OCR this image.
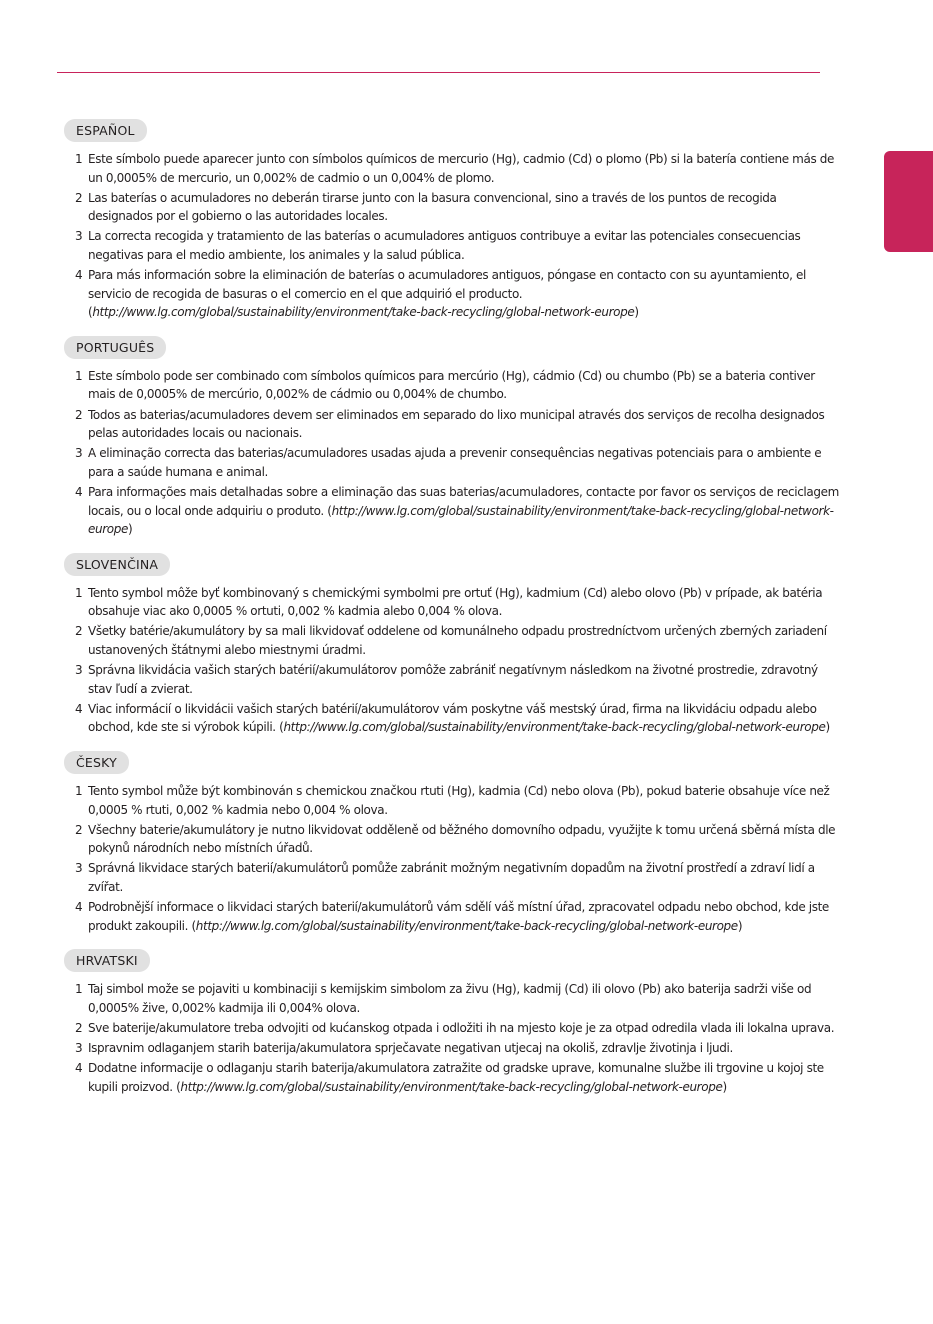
ESPAÑOL
1 Este símbolo puede aparecer junto con símbolos químicos de mercurio (Hg), cadmio (Cd) o plomo (Pb) si la batería contiene más de un 0,0005% de mercurio, un 0,002% de cadmio o un 0,004% de plomo.
2 Las baterías o acumuladores no deberán tirarse junto con la basura convencional, sino a través de los puntos de recogida designados por el gobierno o las autoridades locales.
3 La correcta recogida y tratamiento de las baterías o acumuladores antiguos contribuye a evitar las potenciales consecuencias negativas para el medio ambiente, los animales y la salud pública.
4 Para más información sobre la eliminación de baterías o acumuladores antiguos, póngase en contacto con su ayuntamiento, el servicio de recogida de basuras o el comercio en el que adquirió el producto. (http://www.lg.com/global/sustainability/environment/take-back-recycling/global-network-europe)
PORTUGUÊS
1 Este símbolo pode ser combinado com símbolos químicos para mercúrio (Hg), cádmio (Cd) ou chumbo (Pb) se a bateria contiver mais de 0,0005% de mercúrio, 0,002% de cádmio ou 0,004% de chumbo.
2 Todos as baterias/acumuladores devem ser eliminados em separado do lixo municipal através dos serviços de recolha designados pelas autoridades locais ou nacionais.
3 A eliminação correcta das baterias/acumuladores usadas ajuda a prevenir consequências negativas potenciais para o ambiente e para a saúde humana e animal.
4 Para informações mais detalhadas sobre a eliminação das suas baterias/acumuladores, contacte por favor os serviços de reciclagem locais, ou o local onde adquiriu o produto. (http://www.lg.com/global/sustainability/environment/take-back-recycling/global-network-europe)
SLOVENČINA
1 Tento symbol môže byť kombinovaný s chemickými symbolmi pre ortuť (Hg), kadmium (Cd) alebo olovo (Pb) v prípade, ak batéria obsahuje viac ako 0,0005 % ortuti, 0,002 % kadmia alebo 0,004 % olova.
2 Všetky batérie/akumulátory by sa mali likvidovať oddelene od komunálneho odpadu prostredníctvom určených zberných zariadení ustanovených štátnymi alebo miestnymi úradmi.
3 Správna likvidácia vašich starých batérií/akumulátorov pomôže zabrániť negatívnym následkom na životné prostredie, zdravotný stav ľudí a zvierat.
4 Viac informácií o likvidácii vašich starých batérií/akumulátorov vám poskytne váš mestský úrad, firma na likvidáciu odpadu alebo obchod, kde ste si výrobok kúpili. (http://www.lg.com/global/sustainability/environment/take-back-recycling/global-network-europe)
ČESKY
1 Tento symbol může být kombinován s chemickou značkou rtuti (Hg), kadmia (Cd) nebo olova (Pb), pokud baterie obsahuje více než 0,0005 % rtuti, 0,002 % kadmia nebo 0,004 % olova.
2 Všechny baterie/akumulátory je nutno likvidovat odděleně od běžného domovního odpadu, využijte k tomu určená sběrná místa dle pokynů národních nebo místních úřadů.
3 Správná likvidace starých baterií/akumulátorů pomůže zabránit možným negativním dopadům na životní prostředí a zdraví lidí a zvířat.
4 Podrobnější informace o likvidaci starých baterií/akumulátorů vám sdělí váš místní úřad, zpracovatel odpadu nebo obchod, kde jste produkt zakoupili. (http://www.lg.com/global/sustainability/environment/take-back-recycling/global-network-europe)
HRVATSKI
1 Taj simbol može se pojaviti u kombinaciji s kemijskim simbolom za živu (Hg), kadmij (Cd) ili olovo (Pb) ako baterija sadrži više od 0,0005% žive, 0,002% kadmija ili 0,004% olova.
2 Sve baterije/akumulatore treba odvojiti od kućanskog otpada i odložiti ih na mjesto koje je za otpad odredila vlada ili lokalna uprava.
3 Ispravnim odlaganjem starih baterija/akumulatora sprječavate negativan utjecaj na okoliš, zdravlje životinja i ljudi.
4 Dodatne informacije o odlaganju starih baterija/akumulatora zatražite od gradske uprave, komunalne službe ili trgovine u kojoj ste kupili proizvod. (http://www.lg.com/global/sustainability/environment/take-back-recycling/global-network-europe)
